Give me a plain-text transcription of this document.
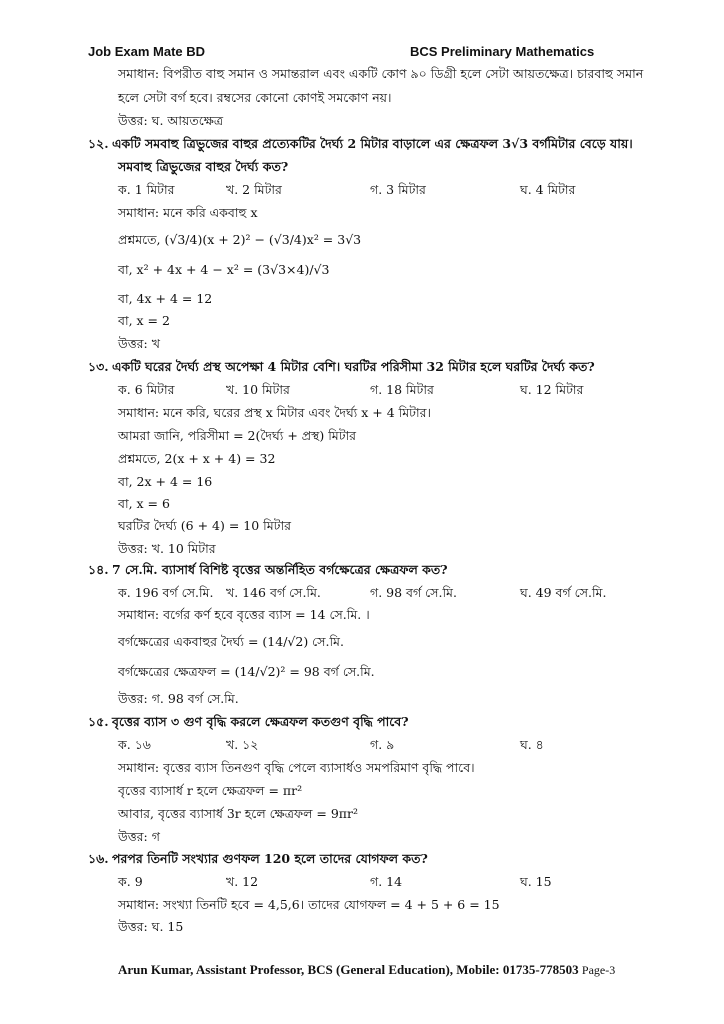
Job Exam Mate BD	BCS Preliminary Mathematics
সমাধান: বিপরীত বাহু সমান ও সমান্তরাল এবং একটি কোণ ৯০ ডিগ্রী হলে সেটা আয়তক্ষেত্র। চারবাহু সমান
হলে সেটা বর্গ হবে। রম্বসের কোনো কোণই সমকোণ নয়।
উত্তর: ঘ. আয়তক্ষেত্র
১২. একটি সমবাহু ত্রিভুজের বাহুর প্রত্যেকটির দৈর্ঘ্য 2 মিটার বাড়ালে এর ক্ষেত্রফল 3√3 বর্গমিটার বেড়ে যায়।
সমবাহু ত্রিভুজের বাহুর দৈর্ঘ্য কত?
ক. 1 মিটার	খ. 2 মিটার	গ. 3 মিটার	ঘ. 4 মিটার
সমাধান: মনে করি একবাহু x
প্রশ্নমতে, (√3/4)(x + 2)² − (√3/4)x² = 3√3
বা, x² + 4x + 4 − x² = (3√3×4)/√3
বা, 4x + 4 = 12
বা, x = 2
উত্তর: খ
১৩. একটি ঘরের দৈর্ঘ্য প্রস্থ অপেক্ষা 4 মিটার বেশি। ঘরটির পরিসীমা 32 মিটার হলে ঘরটির দৈর্ঘ্য কত?
ক. 6 মিটার	খ. 10 মিটার	গ. 18 মিটার	ঘ. 12 মিটার
সমাধান: মনে করি, ঘরের প্রস্থ x মিটার এবং দৈর্ঘ্য x + 4 মিটার।
আমরা জানি, পরিসীমা = 2(দৈর্ঘ্য + প্রস্থ) মিটার
প্রশ্নমতে, 2(x + x + 4) = 32
বা, 2x + 4 = 16
বা, x = 6
ঘরটির দৈর্ঘ্য (6 + 4) = 10 মিটার
উত্তর: খ. 10 মিটার
১৪. 7 সে.মি. ব্যাসার্ধ বিশিষ্ট বৃত্তের অন্তর্নিহিত বর্গক্ষেত্রের ক্ষেত্রফল কত?
ক. 196 বর্গ সে.মি. খ. 146 বর্গ সে.মি.	গ. 98 বর্গ সে.মি.	ঘ. 49 বর্গ সে.মি.
সমাধান: বর্গের কর্ণ হবে বৃত্তের ব্যাস = 14 সে.মি. ।
বর্গক্ষেত্রের একবাহুর দৈর্ঘ্য = (14/√2) সে.মি.
বর্গক্ষেত্রের ক্ষেত্রফল = (14/√2)² = 98 বর্গ সে.মি.
উত্তর: গ. 98 বর্গ সে.মি.
১৫. বৃত্তের ব্যাস ৩ গুণ বৃদ্ধি করলে ক্ষেত্রফল কতগুণ বৃদ্ধি পাবে?
ক. ১৬	খ. ১২	গ. ৯	ঘ. ৪
সমাধান: বৃত্তের ব্যাস তিনগুণ বৃদ্ধি পেলে ব্যাসার্ধও সমপরিমাণ বৃদ্ধি পাবে।
বৃত্তের ব্যাসার্ধ r হলে ক্ষেত্রফল = πr²
আবার, বৃত্তের ব্যাসার্ধ 3r হলে ক্ষেত্রফল = 9πr²
উত্তর: গ
১৬. পরপর তিনটি সংখ্যার গুণফল 120 হলে তাদের যোগফল কত?
ক. 9	খ. 12	গ. 14	ঘ. 15
সমাধান: সংখ্যা তিনটি হবে = 4,5,6। তাদের যোগফল = 4 + 5 + 6 = 15
উত্তর: ঘ. 15
Arun Kumar, Assistant Professor, BCS (General Education), Mobile: 01735-778503 Page-3
